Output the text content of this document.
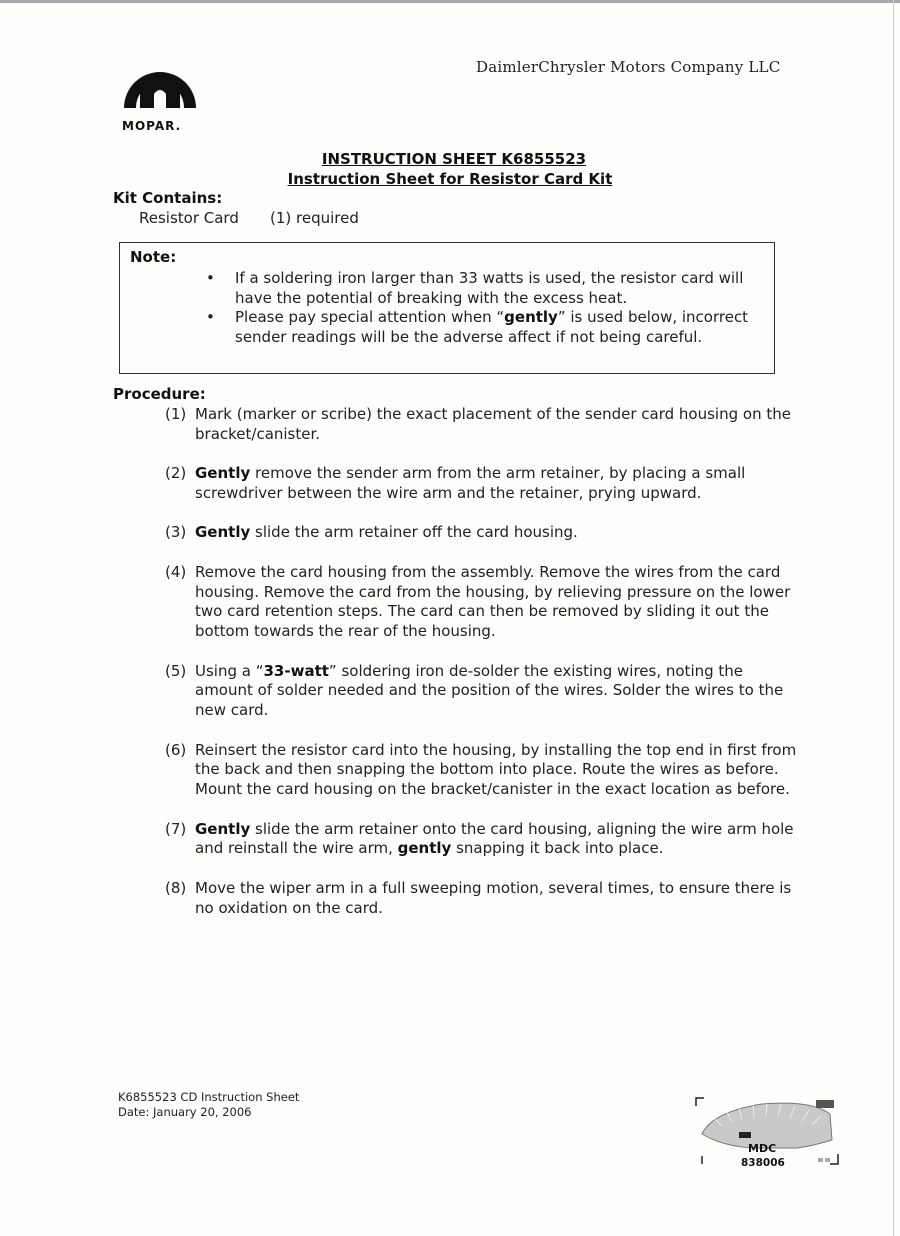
MOPAR.
DaimlerChrysler Motors Company LLC
INSTRUCTION SHEET K6855523
Instruction Sheet for Resistor Card Kit
Kit Contains:
Resistor Card (1) required
Note:
• If a soldering iron larger than 33 watts is used, the resistor card will have the potential of breaking with the excess heat.
• Please pay special attention when “gently” is used below, incorrect sender readings will be the adverse affect if not being careful.
Procedure:
(1) Mark (marker or scribe) the exact placement of the sender card housing on the bracket/canister.
(2) Gently remove the sender arm from the arm retainer, by placing a small screwdriver between the wire arm and the retainer, prying upward.
(3) Gently slide the arm retainer off the card housing.
(4) Remove the card housing from the assembly. Remove the wires from the card housing. Remove the card from the housing, by relieving pressure on the lower two card retention steps. The card can then be removed by sliding it out the bottom towards the rear of the housing.
(5) Using a “33-watt” soldering iron de-solder the existing wires, noting the amount of solder needed and the position of the wires. Solder the wires to the new card.
(6) Reinsert the resistor card into the housing, by installing the top end in first from the back and then snapping the bottom into place. Route the wires as before. Mount the card housing on the bracket/canister in the exact location as before.
(7) Gently slide the arm retainer onto the card housing, aligning the wire arm hole and reinstall the wire arm, gently snapping it back into place.
(8) Move the wiper arm in a full sweeping motion, several times, to ensure there is no oxidation on the card.
K6855523 CD Instruction Sheet
Date: January 20, 2006
MDC
838006
